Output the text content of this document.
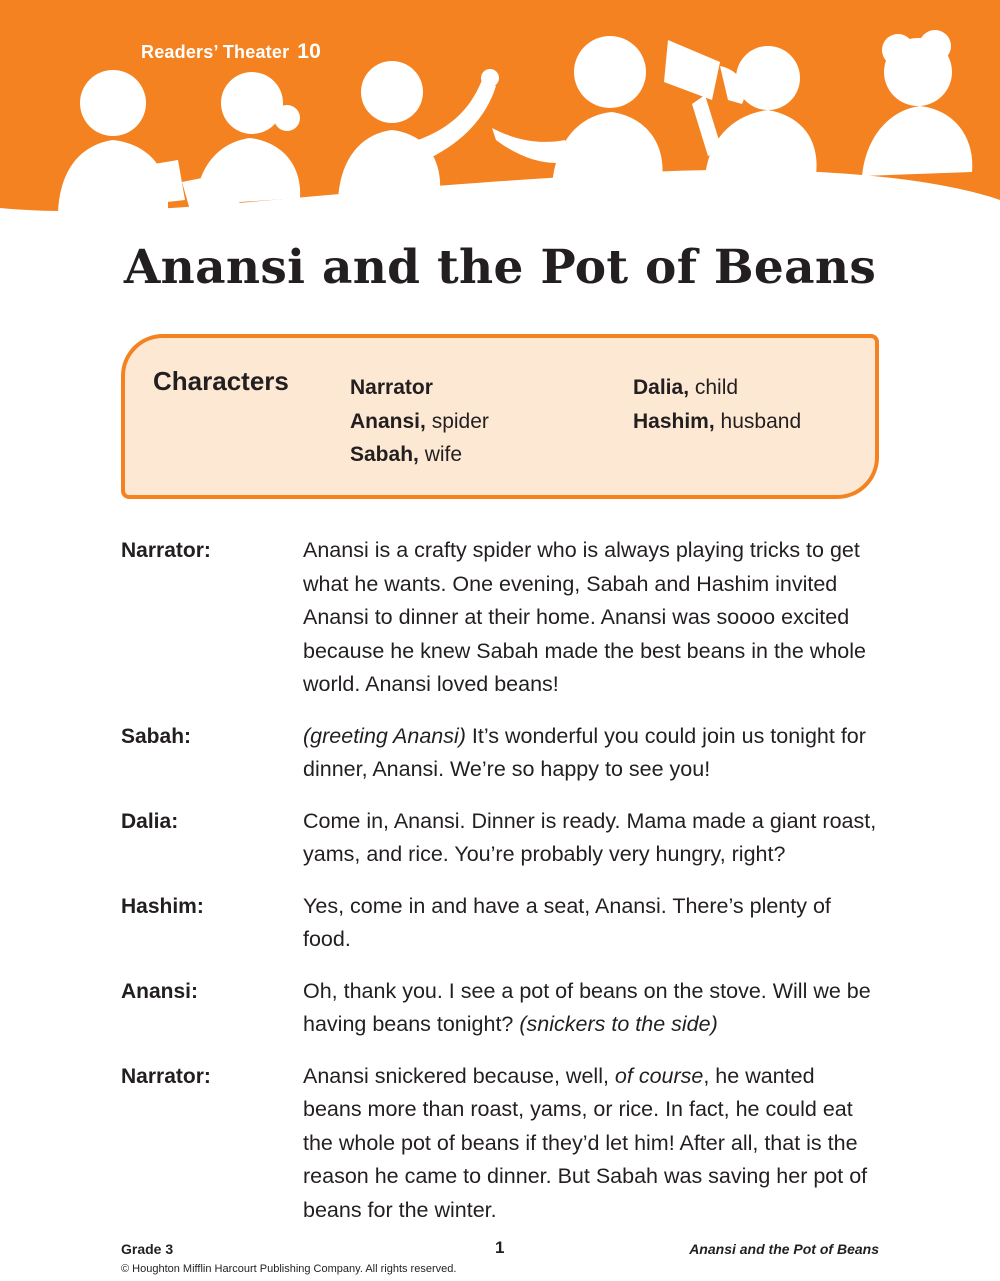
Readers’ Theater 10
Anansi and the Pot of Beans
Characters	Narrator
Anansi, spider
Sabah, wife
Dalia, child
Hashim, husband
Narrator:	Anansi is a crafty spider who is always playing tricks to get what he wants. One evening, Sabah and Hashim invited Anansi to dinner at their home. Anansi was soooo excited because he knew Sabah made the best beans in the whole world. Anansi loved beans!
Sabah:	(greeting Anansi) It’s wonderful you could join us tonight for dinner, Anansi. We’re so happy to see you!
Dalia:	Come in, Anansi. Dinner is ready. Mama made a giant roast, yams, and rice. You’re probably very hungry, right?
Hashim:	Yes, come in and have a seat, Anansi. There’s plenty of food.
Anansi:	Oh, thank you. I see a pot of beans on the stove. Will we be having beans tonight? (snickers to the side)
Narrator:	Anansi snickered because, well, of course, he wanted beans more than roast, yams, or rice. In fact, he could eat the whole pot of beans if they’d let him! After all, that is the reason he came to dinner. But Sabah was saving her pot of beans for the winter.
Grade 3	1	Anansi and the Pot of Beans
© Houghton Mifflin Harcourt Publishing Company. All rights reserved.
